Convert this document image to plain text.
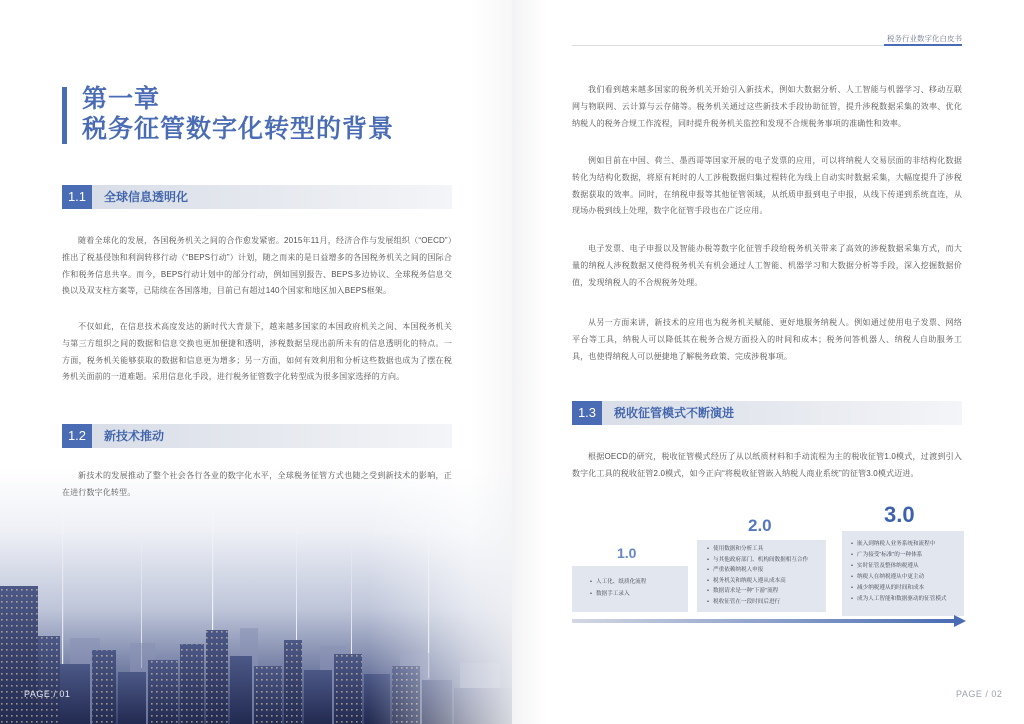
第一章
税务征管数字化转型的背景
1.1	全球信息透明化

随着全球化的发展，各国税务机关之间的合作愈发紧密。2015年11月，经济合作与发展组织（“OECD”）推出了税基侵蚀和利润转移行动（“BEPS行动”）计划，随之而来的是日益增多的各国税务机关之间的国际合作和税务信息共享。而今，BEPS行动计划中的部分行动，例如国别报告、BEPS多边协议、全球税务信息交换以及双支柱方案等，已陆续在各国落地，目前已有超过140个国家和地区加入BEPS框架。

不仅如此，在信息技术高度发达的新时代大背景下，越来越多国家的本国政府机关之间、本国税务机关与第三方组织之间的数据和信息交换也更加便捷和透明，涉税数据呈现出前所未有的信息透明化的特点。一方面，税务机关能够获取的数据和信息更为增多；另一方面，如何有效利用和分析这些数据也成为了摆在税务机关面前的一道难题。采用信息化手段，进行税务征管数字化转型成为很多国家选择的方向。

1.2	新技术推动

新技术的发展推动了整个社会各行各业的数字化水平，全球税务征管方式也随之受到新技术的影响，正在进行数字化转型。

PAGE / 01
税务行业数字化白皮书

我们看到越来越多国家的税务机关开始引入新技术，例如大数据分析、人工智能与机器学习、移动互联网与物联网、云计算与云存储等。税务机关通过这些新技术手段协助征管，提升涉税数据采集的效率、优化纳税人的税务合规工作流程，同时提升税务机关监控和发现不合规税务事项的准确性和效率。

例如目前在中国、荷兰、墨西哥等国家开展的电子发票的应用，可以将纳税人交易层面的非结构化数据转化为结构化数据，将原有耗时的人工涉税数据归集过程转化为线上自动实时数据采集，大幅度提升了涉税数据获取的效率。同时，在纳税申报等其他征管领域，从纸质申报到电子申报，从线下传递到系统直连，从现场办税到线上处理，数字化征管手段也在广泛应用。

电子发票、电子申报以及智能办税等数字化征管手段给税务机关带来了高效的涉税数据采集方式，而大量的纳税人涉税数据又使得税务机关有机会通过人工智能、机器学习和大数据分析等手段，深入挖掘数据价值，发现纳税人的不合规税务处理。

从另一方面来讲，新技术的应用也为税务机关赋能、更好地服务纳税人。例如通过使用电子发票、网络平台等工具，纳税人可以降低其在税务合规方面投入的时间和成本；税务问答机器人、纳税人自助服务工具，也使得纳税人可以便捷地了解税务政策、完成涉税事项。

1.3	税收征管模式不断演进

根据OECD的研究，税收征管模式经历了从以纸质材料和手动流程为主的税收征管1.0模式，过渡到引入数字化工具的税收征管2.0模式，如今正向“将税收征管嵌入纳税人商业系统”的征管3.0模式迈进。

1.0
2.0	3.0
• 人工化、纸质化流程
• 数据手工录入
• 使用数据和分析工具
• 与其他政府部门、机构间数据相互合作
• 严重依赖纳税人申报
• 税务机关和纳税人遵从成本高
• 数据请求是一种“下游”流程
• 税收征管在一段时间后进行
• 嵌入到纳税人业务系统和流程中
• 广为接受“标准”的一种体系
• 实时征管及整体纳税遵从
• 纳税人在纳税遵从中更主动
• 减少纳税遵从的时间和成本
• 成为人工智能和数据驱动的征管模式
PAGE / 02
